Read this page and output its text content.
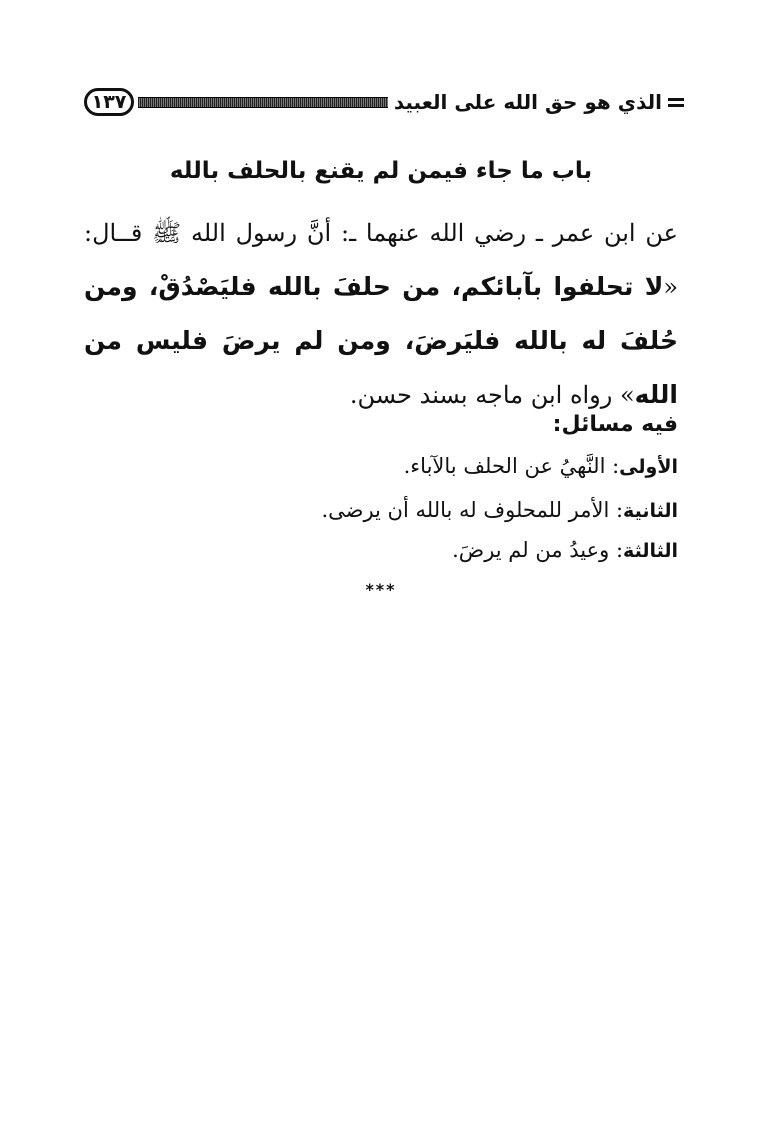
١٣٧	الذي هو حق الله على العبيد
باب ما جاء فيمن لم يقنع بالحلف بالله
عن ابن عمر ـ رضي الله عنهما ـ: أنَّ رسول الله ﷺ قــال: «لا تحلفوا بآبائكم، من حلفَ بالله فليَصْدُقْ، ومن حُلفَ له بالله فليَرضَ، ومن لم يرضَ فليس من الله» رواه ابن ماجه بسند حسن.
فيه مسائل:
الأولى: النَّهيُ عن الحلف بالآباء.
الثانية: الأمر للمحلوف له بالله أن يرضى.
الثالثة: وعيدُ من لم يرضَ.
***
